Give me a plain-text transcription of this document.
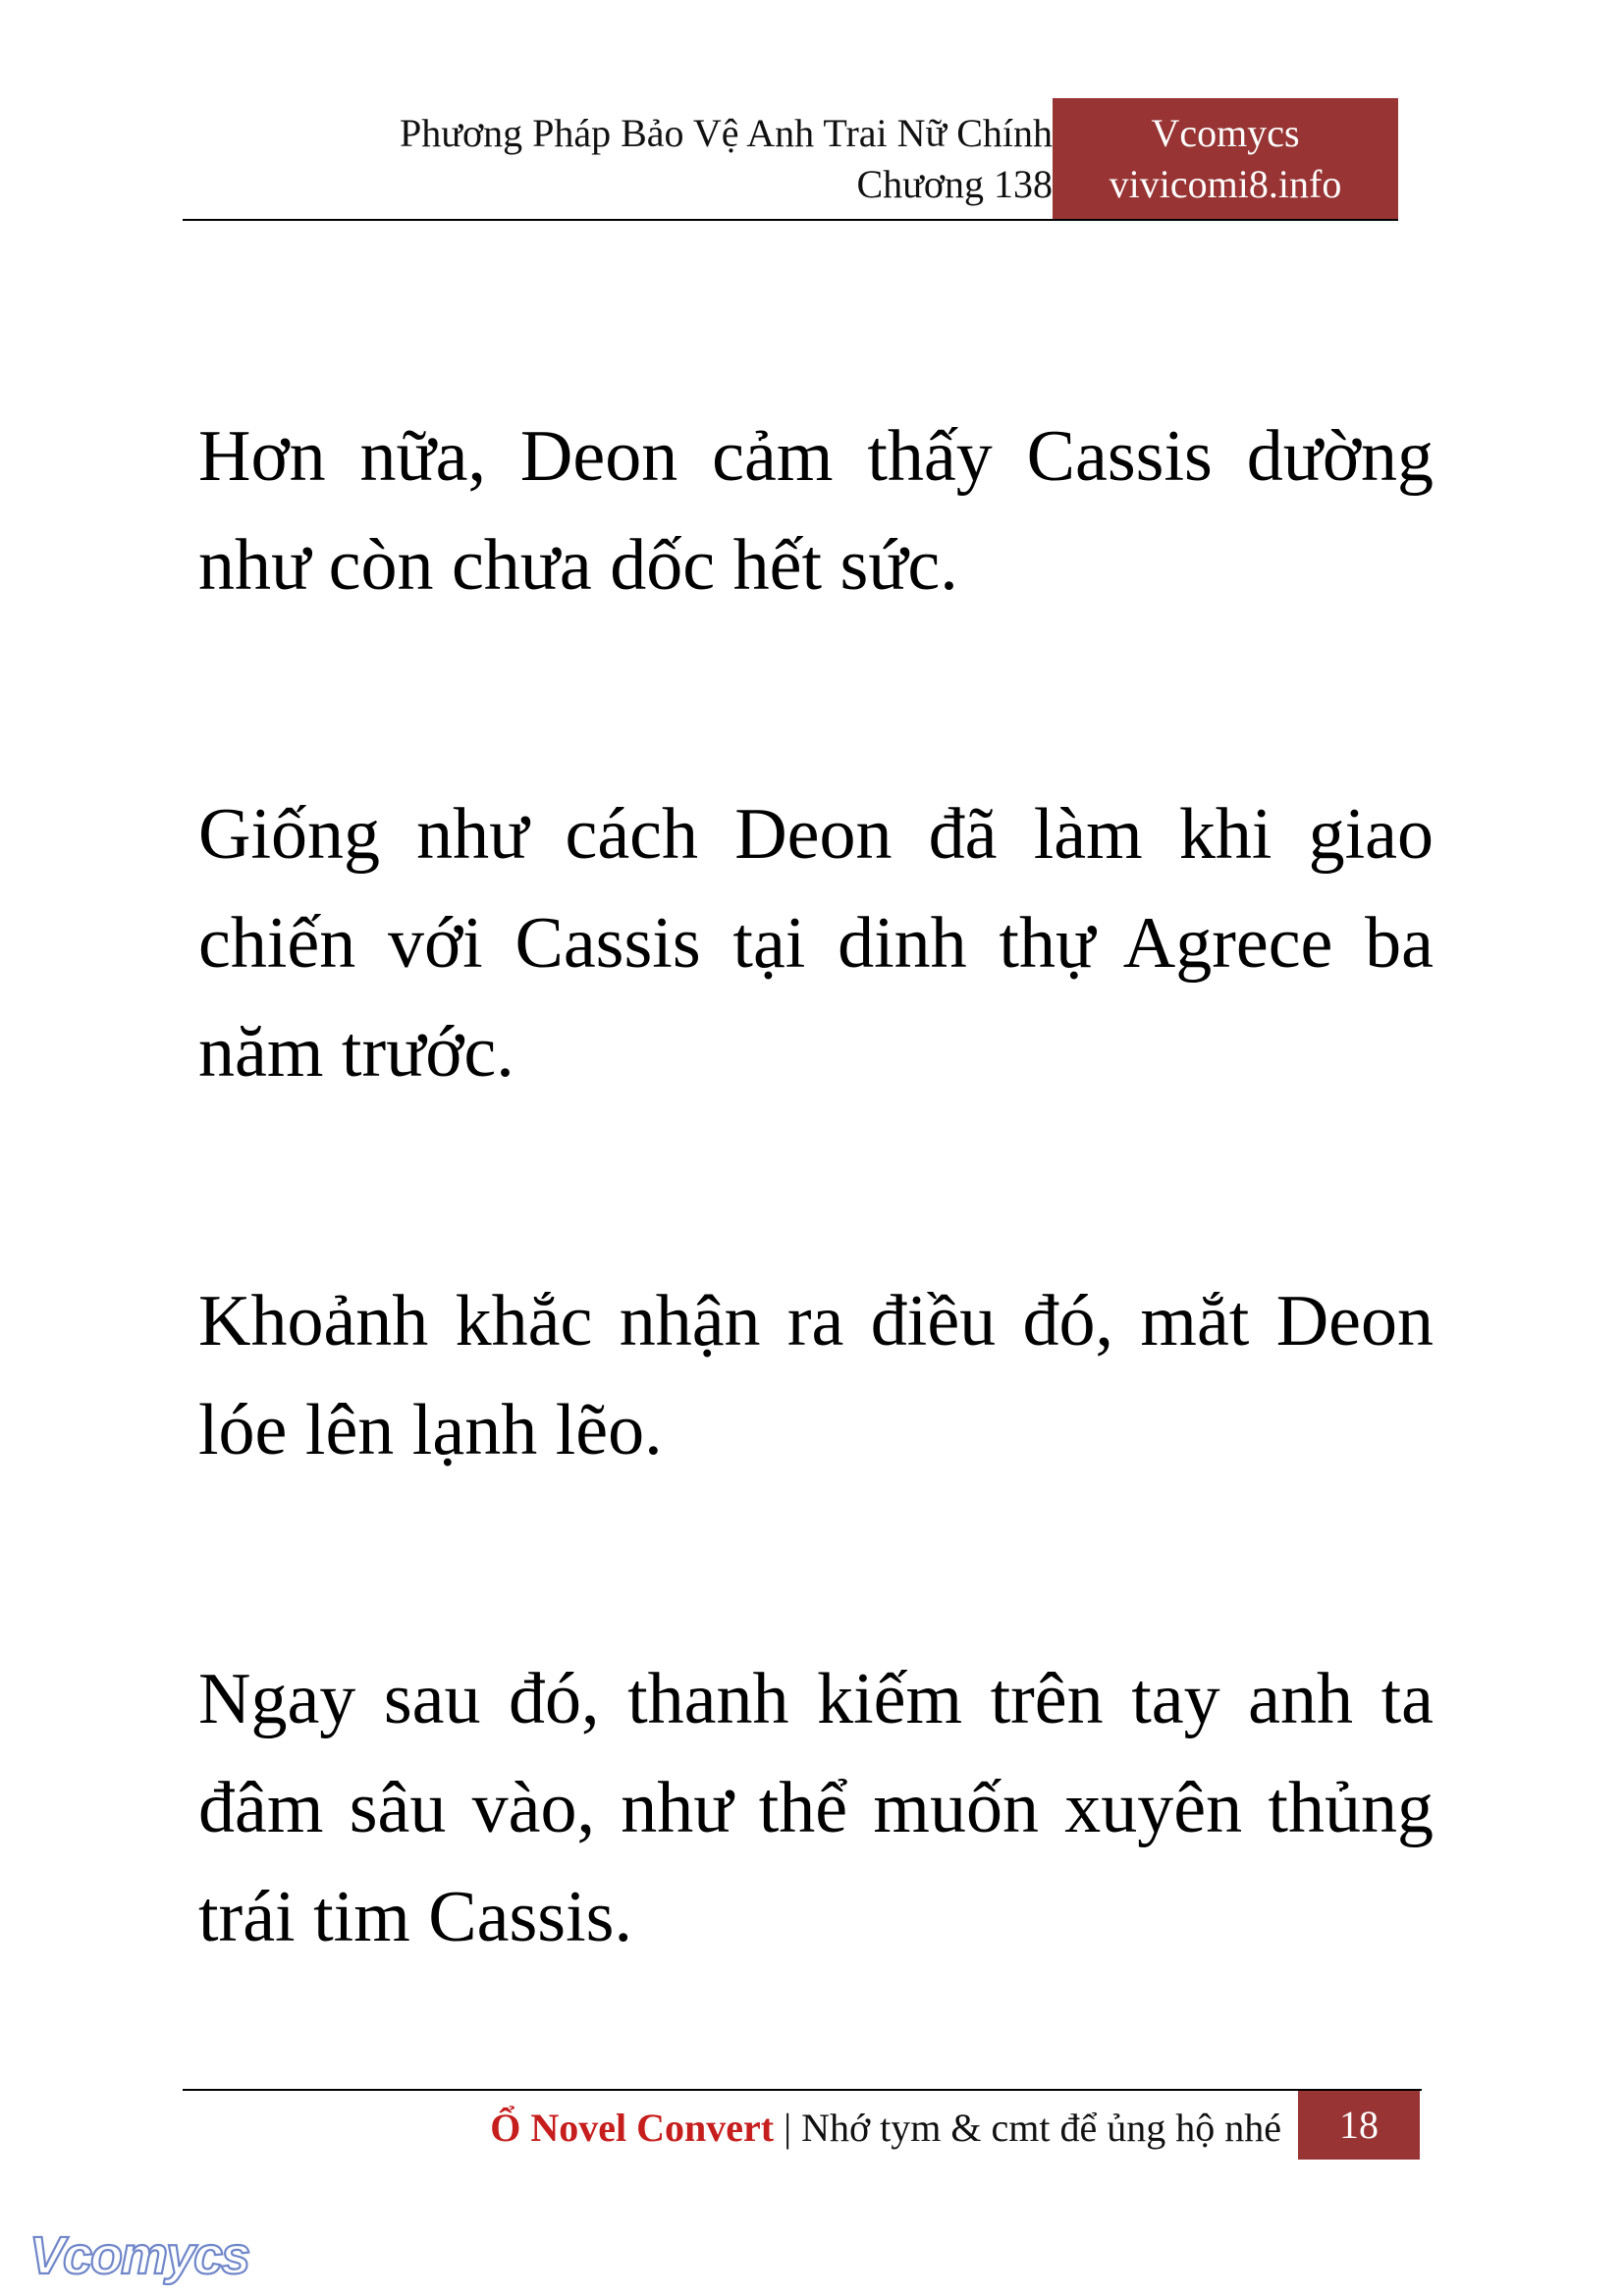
Phương Pháp Bảo Vệ Anh Trai Nữ Chính
Chương 138
Vcomycs
vivicomi8.info

Hơn nữa, Deon cảm thấy Cassis dường như còn chưa dốc hết sức.

Giống như cách Deon đã làm khi giao chiến với Cassis tại dinh thự Agrece ba năm trước.

Khoảnh khắc nhận ra điều đó, mắt Deon lóe lên lạnh lẽo.

Ngay sau đó, thanh kiếm trên tay anh ta đâm sâu vào, như thể muốn xuyên thủng trái tim Cassis.

Ổ Novel Convert | Nhớ tym & cmt để ủng hộ nhé	18
Vcomycs
